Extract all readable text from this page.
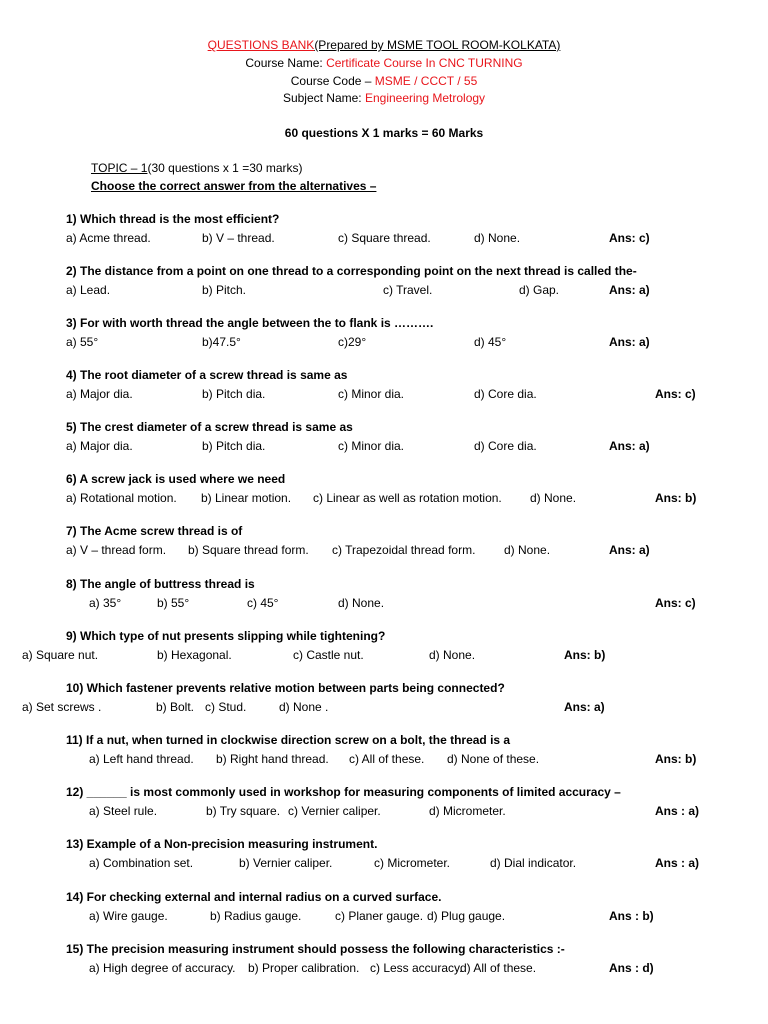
QUESTIONS BANK(Prepared by MSME TOOL ROOM-KOLKATA)
Course Name: Certificate Course In CNC TURNING
Course Code – MSME / CCCT / 55
Subject Name: Engineering Metrology
60 questions X 1 marks = 60 Marks
TOPIC – 1(30 questions x 1 =30 marks)
Choose the correct answer from the alternatives –
1) Which thread is the most efficient?
a) Acme thread.	b) V – thread.	c) Square thread.	d) None.	Ans: c)
2) The distance from a point on one thread to a corresponding point on the next thread is called the-
a) Lead.	b) Pitch.	c) Travel.	d) Gap.	Ans: a)
3) For with worth thread the angle between the to flank is ……….
a) 55°	b)47.5°	c)29°	d) 45°	Ans: a)
4) The root diameter of a screw thread is same as
a) Major dia.	b) Pitch dia.	c) Minor dia.	d) Core dia.	Ans: c)
5) The crest diameter of a screw thread is same as
a) Major dia.	b) Pitch dia.	c) Minor dia.	d) Core dia.	Ans: a)
6) A screw jack is used where we need
a) Rotational motion. b) Linear motion. c) Linear as well as rotation motion. d) None.	Ans: b)
7) The Acme screw thread is of
a) V – thread form. b) Square thread form. c) Trapezoidal thread form. d) None.	Ans: a)
8) The angle of buttress thread is
a) 35°	b) 55°	c) 45°	d) None.	Ans: c)
9) Which type of nut presents slipping while tightening?
a) Square nut.	b) Hexagonal.	c) Castle nut.	d) None.	Ans: b)
10) Which fastener prevents relative motion between parts being connected?
a) Set screws .	b) Bolt. c) Stud.	d) None .	Ans: a)
11) If a nut, when turned in clockwise direction screw on a bolt, the thread is a
a) Left hand thread. b) Right hand thread. c) All of these. d) None of these.	Ans: b)
12) ______ is most commonly used in workshop for measuring components of limited accuracy –
a) Steel rule.	b) Try square. c) Vernier caliper.	d) Micrometer.	Ans : a)
13) Example of a Non-precision measuring instrument.
a) Combination set.	b) Vernier caliper.	c) Micrometer.	d) Dial indicator.	Ans : a)
14) For checking external and internal radius on a curved surface.
a) Wire gauge.	b) Radius gauge.	c) Planer gauge. d) Plug gauge.	Ans : b)
15) The precision measuring instrument should possess the following characteristics :-
a) High degree of accuracy. b) Proper calibration. c) Less accuracy.
d) All of these.	Ans : d)
